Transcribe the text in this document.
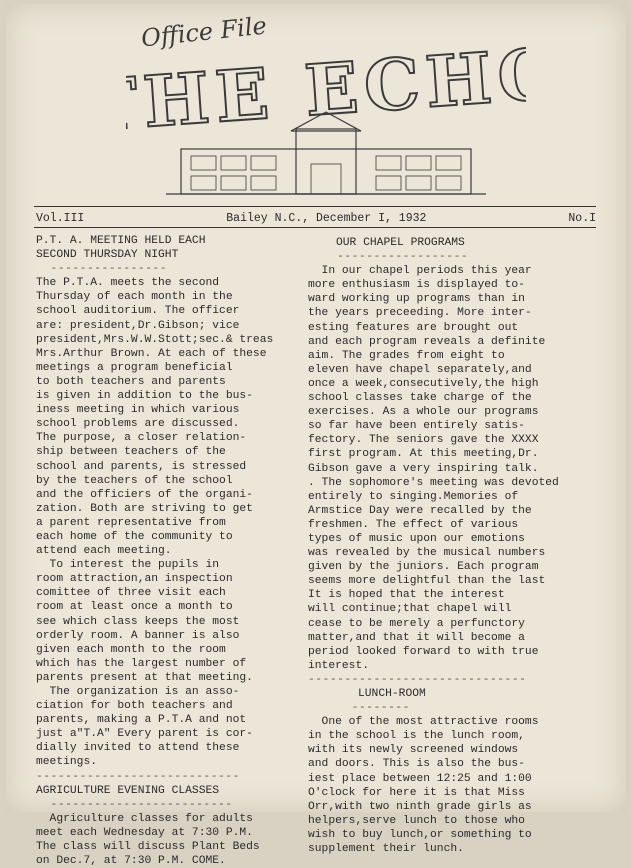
Office File
THE ECHO
Vol.III	Bailey N.C., December I, 1932	No.I

P.T. A. MEETING HELD EACH

SECOND THURSDAY NIGHT

----------------

The P.T.A. meets the second

Thursday of each month in the

school auditorium. The officer

are: president,Dr.Gibson; vice

president,Mrs.W.W.Stott;sec.& treas

Mrs.Arthur Brown. At each of these

meetings a program beneficial

to both teachers and parents

is given in addition to the bus-

iness meeting in which various

school problems are discussed.

The purpose, a closer relation-

ship between teachers of the

school and parents, is stressed

by the teachers of the school

and the officiers of the organi-

zation. Both are striving to get

a parent representative from

each home of the community to

attend each meeting.

To interest the pupils in

room attraction,an inspection

comittee of three visit each

room at least once a month to

see which class keeps the most

orderly room. A banner is also

given each month to the room

which has the largest number of

parents present at that meeting.

The organization is an asso-

ciation for both teachers and

parents, making a P.T.A and not

just a"T.A" Every parent is cor-

dially invited to attend these

meetings.

----------------------------

AGRICULTURE EVENING CLASSES

-------------------------

Agriculture classes for adults

meet each Wednesday at 7:30 P.M.

The class will discuss Plant Beds

on Dec.7, at 7:30 P.M. COME.

OUR CHAPEL PROGRAMS

------------------

In our chapel periods this year

more enthusiasm is displayed to-

ward working up programs than in

the years preceeding. More inter-

esting features are brought out

and each program reveals a definite

aim. The grades from eight to

eleven have chapel separately,and

once a week,consecutively,the high

school classes take charge of the

exercises. As a whole our programs

so far have been entirely satis-

fectory. The seniors gave the XXXX

first program. At this meeting,Dr.

Gibson gave a very inspiring talk.

. The sophomore's meeting was devoted

entirely to singing.Memories of

Armstice Day were recalled by the

freshmen. The effect of various

types of music upon our emotions

was revealed by the musical numbers

given by the juniors. Each program

seems more delightful than the last

It is hoped that the interest

will continue;that chapel will

cease to be merely a perfunctory

matter,and that it will become a

period looked forward to with true

interest.

------------------------------

LUNCH-ROOM

--------

One of the most attractive rooms

in the school is the lunch room,

with its newly screened windows

and doors. This is also the bus-

iest place between 12:25 and 1:00

O'clock for here it is that Miss

Orr,with two ninth grade girls as

helpers,serve lunch to those who

wish to buy lunch,or something to

supplement their lunch.
